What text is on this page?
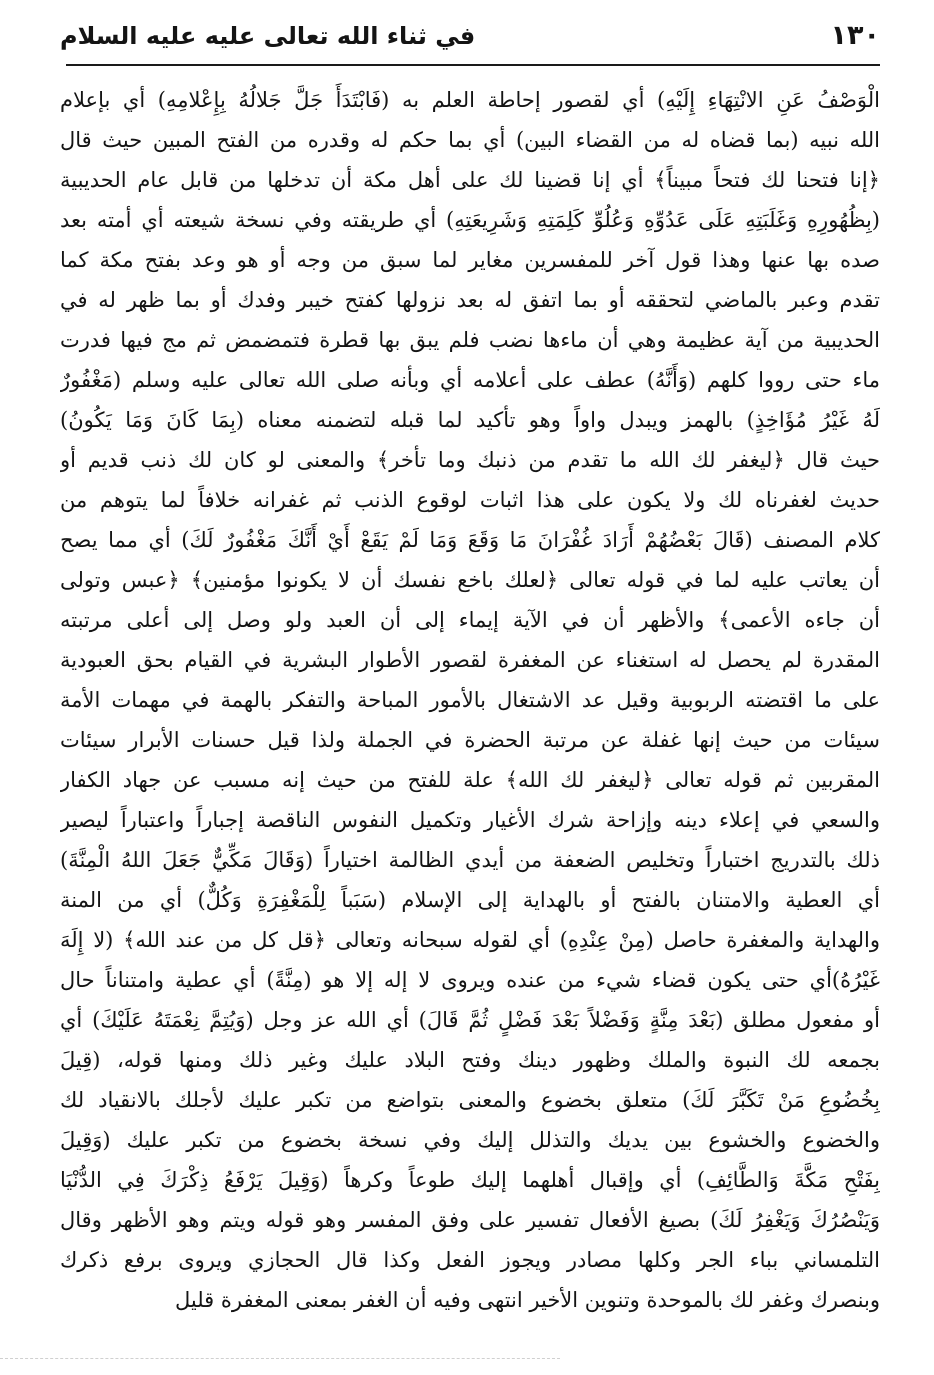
١٣٠
في ثناء الله تعالى عليه عليه السلام
الْوَصْفُ عَنِ الانْتِهَاءِ إِلَيْهِ) أي لقصور إحاطة العلم به (فَابْتَدَأَ جَلَّ جَلالُهُ بِإِعْلامِهِ) أي بإعلام
الله نبيه (بما قضاه له من القضاء البين) أي بما حكم له وقدره من الفتح المبين حيث قال
﴿إنا فتحنا لك فتحاً مبيناً﴾ أي إنا قضينا لك على أهل مكة أن تدخلها من قابل عام الحديبية
(بِظُهُورِهِ وَغَلَبَتِهِ عَلَى عَدُوِّهِ وَعُلُوِّ كَلِمَتِهِ وَشَرِيعَتِهِ) أي طريقته وفي نسخة شيعته أي أمته بعد
صده بها عنها وهذا قول آخر للمفسرين مغاير لما سبق من وجه أو هو وعد بفتح مكة كما
تقدم وعبر بالماضي لتحققه أو بما اتفق له بعد نزولها كفتح خيبر وفدك أو بما ظهر له في
الحديبية من آية عظيمة وهي أن ماءها نضب فلم يبق بها قطرة فتمضمض ثم مج فيها فدرت
ماء حتى رووا كلهم (وَأَنَّهُ) عطف على أعلامه أي وبأنه صلى الله تعالى عليه وسلم (مَغْفُورٌ
لَهُ غَيْرُ مُؤَاخِذٍ) بالهمز ويبدل واواً وهو تأكيد لما قبله لتضمنه معناه (بِمَا كَانَ وَمَا يَكُونُ)
حيث قال ﴿ليغفر لك الله ما تقدم من ذنبك وما تأخر﴾ والمعنى لو كان لك ذنب قديم أو
حديث لغفرناه لك ولا يكون على هذا اثبات لوقوع الذنب ثم غفرانه خلافاً لما يتوهم من
كلام المصنف (قَالَ بَعْضُهُمْ أَرَادَ غُفْرَانَ مَا وَقَعَ وَمَا لَمْ يَقَعْ أَيْ أَنَّكَ مَغْفُورٌ لَكَ) أي مما يصح
أن يعاتب عليه لما في قوله تعالى ﴿لعلك باخع نفسك أن لا يكونوا مؤمنين﴾ ﴿عبس وتولى
أن جاءه الأعمى﴾ والأظهر أن في الآية إيماء إلى أن العبد ولو وصل إلى أعلى مرتبته
المقدرة لم يحصل له استغناء عن المغفرة لقصور الأطوار البشرية في القيام بحق العبودية
على ما اقتضته الربوبية وقيل عد الاشتغال بالأمور المباحة والتفكر بالهمة في مهمات الأمة
سيئات من حيث إنها غفلة عن مرتبة الحضرة في الجملة ولذا قيل حسنات الأبرار سيئات
المقربين ثم قوله تعالى ﴿ليغفر لك الله﴾ علة للفتح من حيث إنه مسبب عن جهاد الكفار
والسعي في إعلاء دينه وإزاحة شرك الأغيار وتكميل النفوس الناقصة إجباراً واعتباراً ليصير
ذلك بالتدريج اختباراً وتخليص الضعفة من أيدي الظالمة اختياراً (وَقَالَ مَكِّيٌّ جَعَلَ اللهُ الْمِنَّةَ)
أي العطية والامتنان بالفتح أو بالهداية إلى الإسلام (سَبَباً لِلْمَغْفِرَةِ وَكُلٌّ) أي من المنة
والهداية والمغفرة حاصل (مِنْ عِنْدِهِ) أي لقوله سبحانه وتعالى ﴿قل كل من عند الله﴾ (لا إِلَهَ
غَيْرُهُ)أي حتى يكون قضاء شيء من عنده ويروى لا إله إلا هو (مِنَّةً) أي عطية وامتناناً حال
أو مفعول مطلق (بَعْدَ مِنَّةٍ وَفَضْلاً بَعْدَ فَضْلٍ ثُمَّ قَالَ) أي الله عز وجل (وَيُتِمَّ نِعْمَتَهُ عَلَيْكَ) أي
بجمعه لك النبوة والملك وظهور دينك وفتح البلاد عليك وغير ذلك ومنها قوله، (قِيلَ
بِخُضُوعِ مَنْ تَكَبَّرَ لَكَ) متعلق بخضوع والمعنى بتواضع من تكبر عليك لأجلك بالانقياد لك
والخضوع والخشوع بين يديك والتذلل إليك وفي نسخة بخضوع من تكبر عليك (وَقِيلَ
بِفَتْحِ مَكَّةَ وَالطَّائِفِ) أي وإقبال أهلهما إليك طوعاً وكرهاً (وَقِيلَ يَرْفَعُ ذِكْرَكَ فِي الدُّنْيَا
وَيَنْصُرُكَ وَيَغْفِرُ لَكَ) بصيغ الأفعال تفسير على وفق المفسر وهو قوله ويتم وهو الأظهر وقال
التلمساني بباء الجر وكلها مصادر ويجوز الفعل وكذا قال الحجازي ويروى برفع ذكرك
وبنصرك وغفر لك بالموحدة وتنوين الأخير انتهى وفيه أن الغفر بمعنى المغفرة قليل
